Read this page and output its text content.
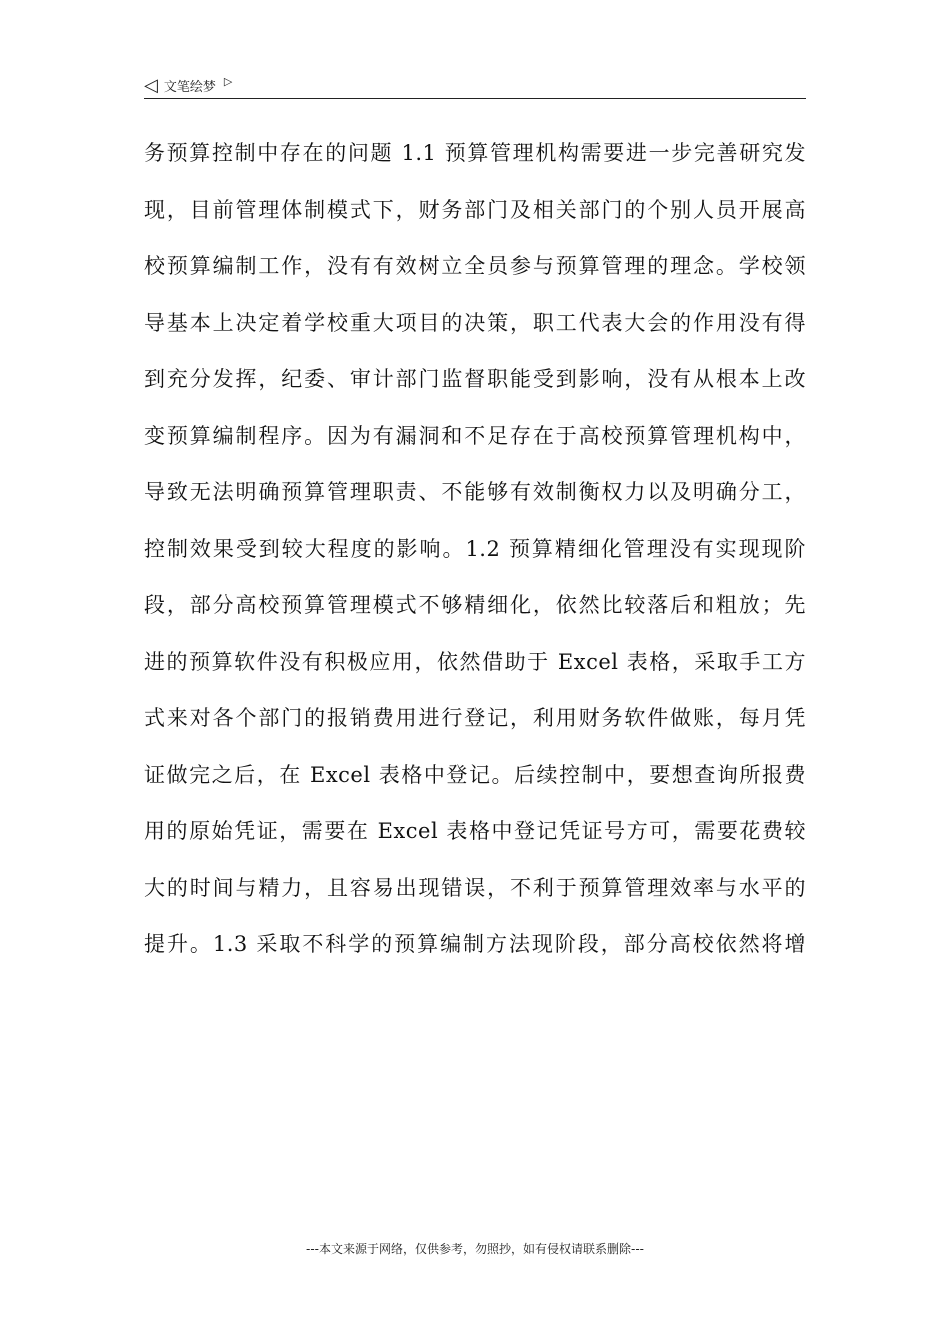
◁ 文笔绘梦 ▷
务预算控制中存在的问题 1.1 预算管理机构需要进一步完善研究发
现，目前管理体制模式下，财务部门及相关部门的个别人员开展高
校预算编制工作，没有有效树立全员参与预算管理的理念。学校领
导基本上决定着学校重大项目的决策，职工代表大会的作用没有得
到充分发挥，纪委、审计部门监督职能受到影响，没有从根本上改
变预算编制程序。因为有漏洞和不足存在于高校预算管理机构中，
导致无法明确预算管理职责、不能够有效制衡权力以及明确分工，
控制效果受到较大程度的影响。1.2 预算精细化管理没有实现现阶
段，部分高校预算管理模式不够精细化，依然比较落后和粗放；先
进的预算软件没有积极应用，依然借助于 Excel 表格，采取手工方
式来对各个部门的报销费用进行登记，利用财务软件做账，每月凭
证做完之后，在 Excel 表格中登记。后续控制中，要想查询所报费
用的原始凭证，需要在 Excel 表格中登记凭证号方可，需要花费较
大的时间与精力，且容易出现错误，不利于预算管理效率与水平的
提升。1.3 采取不科学的预算编制方法现阶段，部分高校依然将增
---本文来源于网络，仅供参考，勿照抄，如有侵权请联系删除---
